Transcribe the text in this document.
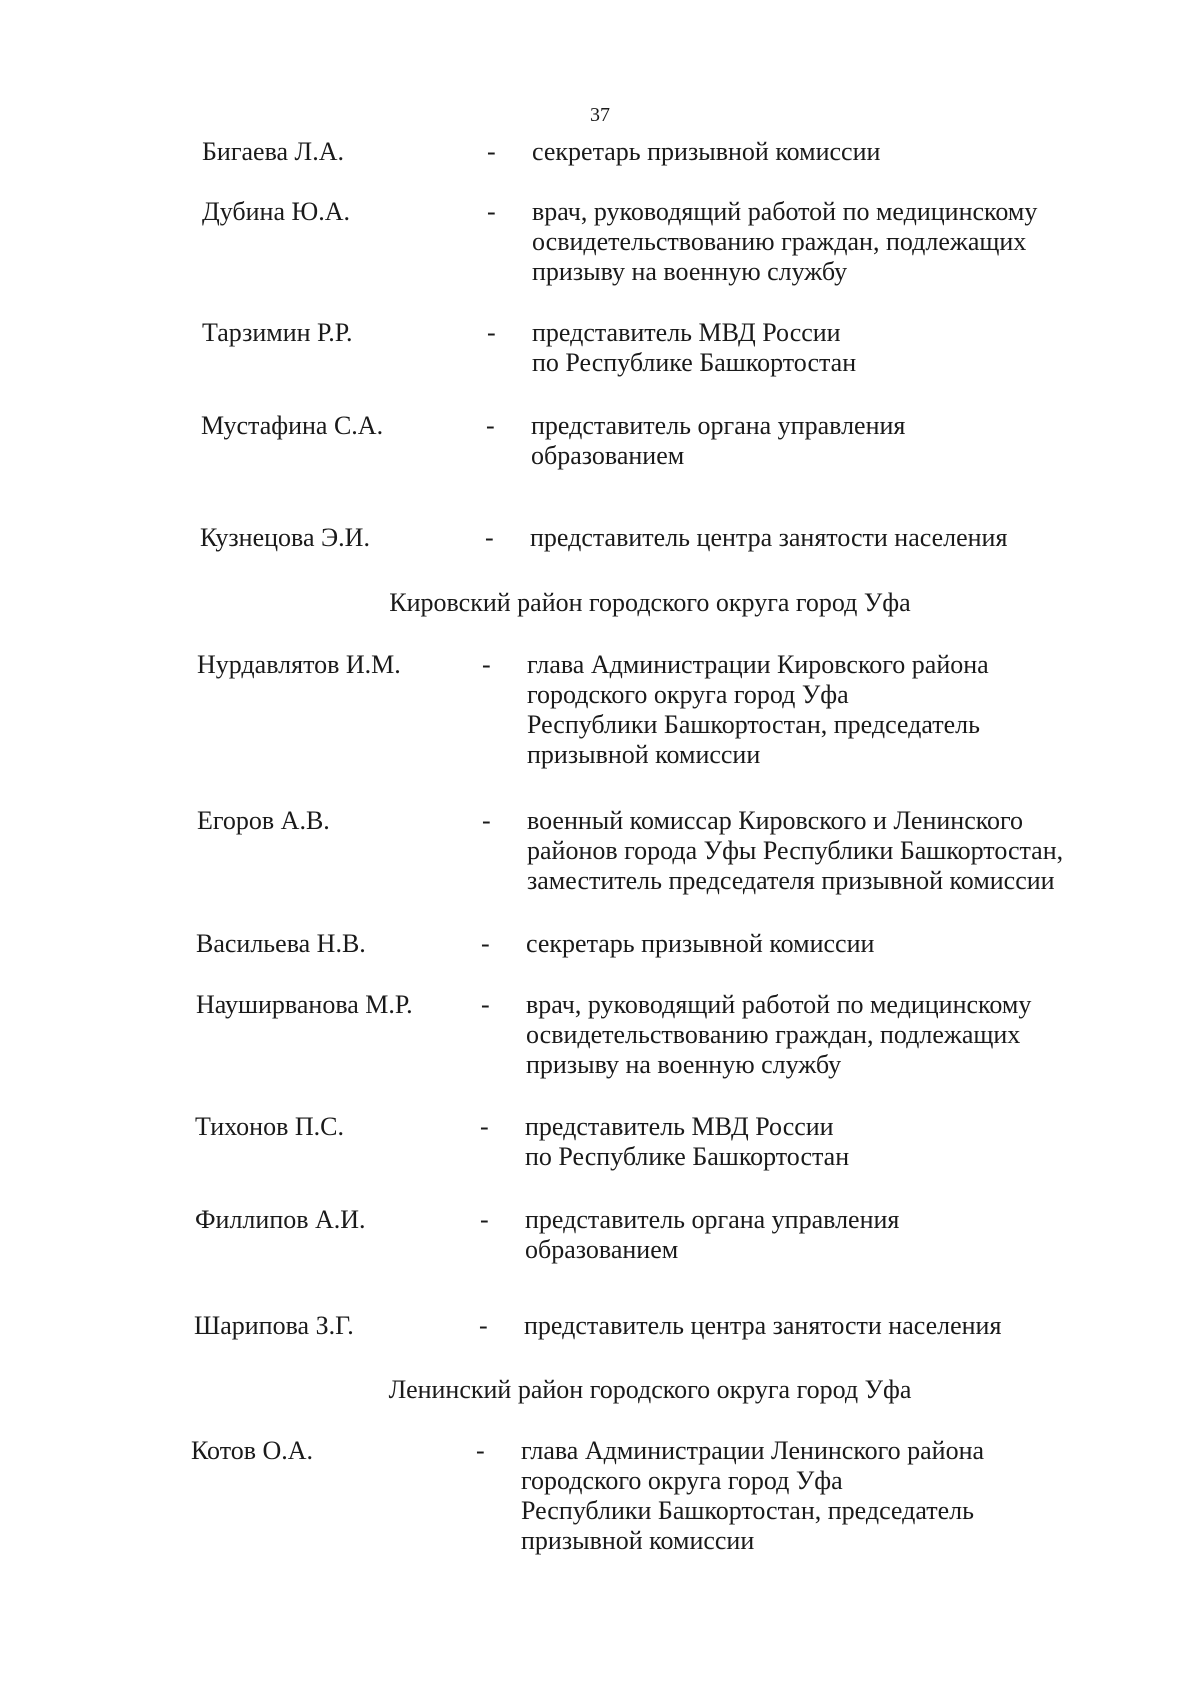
37
Бигаева Л.А.	- секретарь призывной комиссии
Дубина Ю.А.	- врач, руководящий работой по медицинскому
освидетельствованию граждан, подлежащих
призыву на военную службу
Тарзимин Р.Р.	- представитель МВД России
по Республике Башкортостан
Мустафина С.А.	- представитель органа управления
образованием
Кузнецова Э.И.	- представитель центра занятости населения
Кировский район городского округа город Уфа
Нурдавлятов И.М.	- глава Администрации Кировского района
городского округа город Уфа
Республики Башкортостан, председатель
призывной комиссии
Егоров А.В.	- военный комиссар Кировского и Ленинского
районов города Уфы Республики Башкортостан,
заместитель председателя призывной комиссии
Васильева Н.В.	- секретарь призывной комиссии
Науширванова М.Р.	- врач, руководящий работой по медицинскому
освидетельствованию граждан, подлежащих
призыву на военную службу
Тихонов П.С.	- представитель МВД России
по Республике Башкортостан
Филлипов А.И.	- представитель органа управления
образованием
Шарипова З.Г.	- представитель центра занятости населения
Ленинский район городского округа город Уфа
Котов О.А.	- глава Администрации Ленинского района
городского округа город Уфа
Республики Башкортостан, председатель
призывной комиссии
